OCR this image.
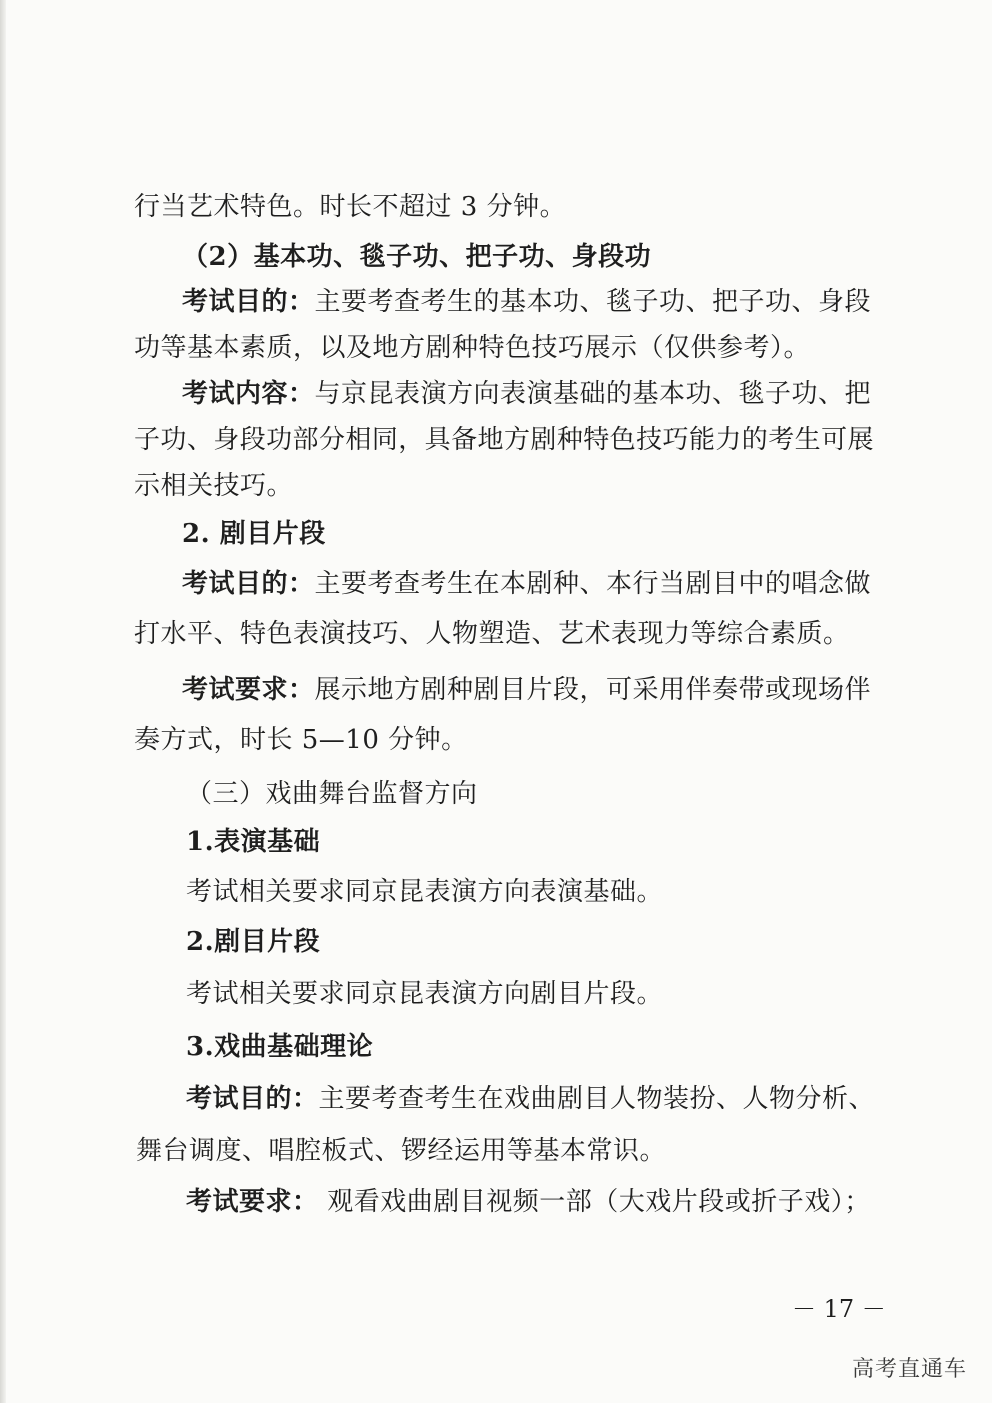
行当艺术特色。时长不超过 3 分钟。
（2）基本功、毯子功、把子功、身段功
考试目的：主要考查考生的基本功、毯子功、把子功、身段
功等基本素质，以及地方剧种特色技巧展示（仅供参考）。
考试内容：与京昆表演方向表演基础的基本功、毯子功、把
子功、身段功部分相同，具备地方剧种特色技巧能力的考生可展
示相关技巧。
2. 剧目片段
考试目的：主要考查考生在本剧种、本行当剧目中的唱念做
打水平、特色表演技巧、人物塑造、艺术表现力等综合素质。
考试要求：展示地方剧种剧目片段，可采用伴奏带或现场伴
奏方式，时长 5—10 分钟。
（三）戏曲舞台监督方向
1.表演基础
考试相关要求同京昆表演方向表演基础。
2.剧目片段
考试相关要求同京昆表演方向剧目片段。
3.戏曲基础理论
考试目的：主要考查考生在戏曲剧目人物装扮、人物分析、
舞台调度、唱腔板式、锣经运用等基本常识。
考试要求： 观看戏曲剧目视频一部（大戏片段或折子戏）；
－ 17 －
高考直通车
